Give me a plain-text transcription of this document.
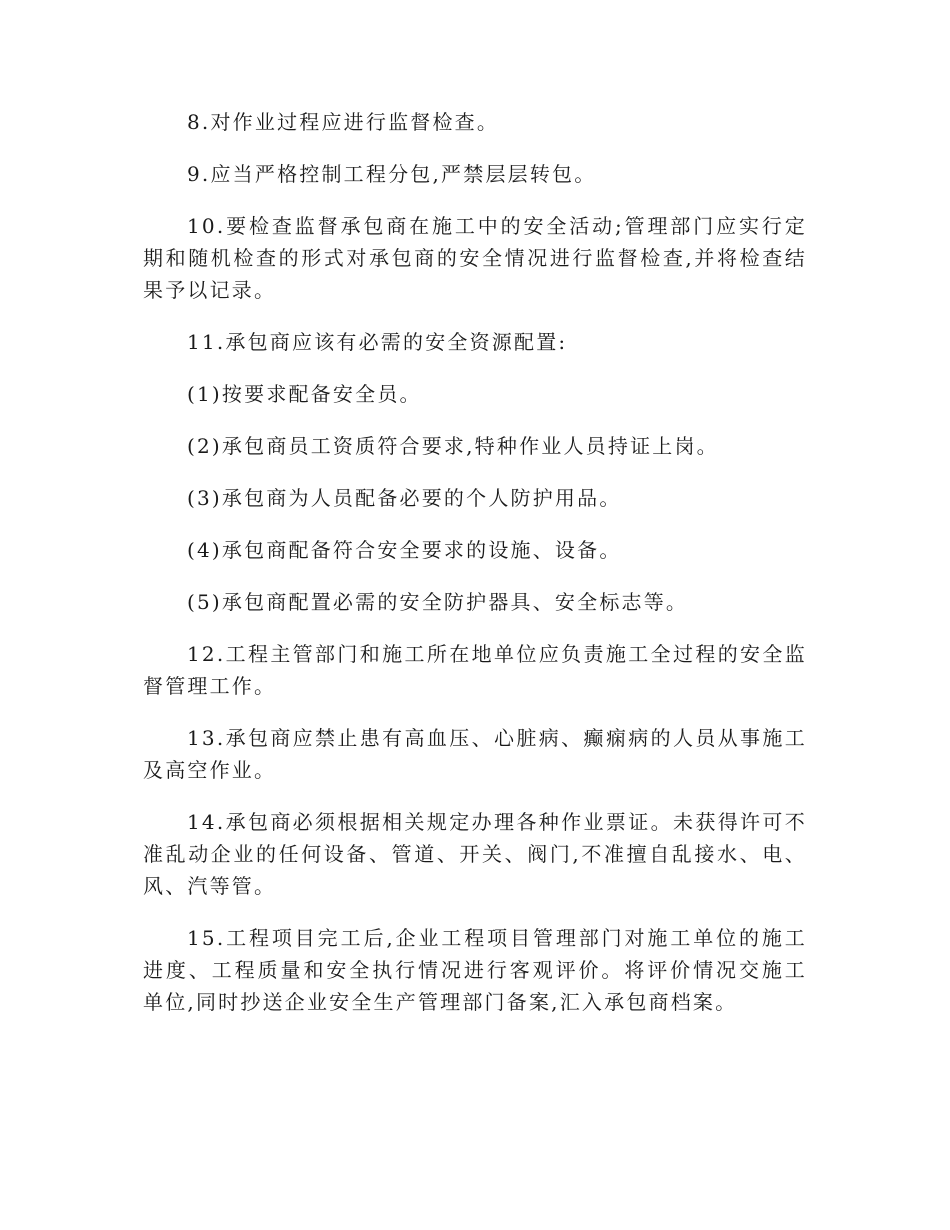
8.对作业过程应进行监督检查。

9.应当严格控制工程分包,严禁层层转包。

10.要检查监督承包商在施工中的安全活动;管理部门应实行定期和随机检查的形式对承包商的安全情况进行监督检查,并将检查结果予以记录。

11.承包商应该有必需的安全资源配置:

(1)按要求配备安全员。

(2)承包商员工资质符合要求,特种作业人员持证上岗。

(3)承包商为人员配备必要的个人防护用品。

(4)承包商配备符合安全要求的设施、设备。

(5)承包商配置必需的安全防护器具、安全标志等。

12.工程主管部门和施工所在地单位应负责施工全过程的安全监督管理工作。

13.承包商应禁止患有高血压、心脏病、癫痫病的人员从事施工及高空作业。

14.承包商必须根据相关规定办理各种作业票证。未获得许可不准乱动企业的任何设备、管道、开关、阀门,不准擅自乱接水、电、风、汽等管。

15.工程项目完工后,企业工程项目管理部门对施工单位的施工进度、工程质量和安全执行情况进行客观评价。将评价情况交施工单位,同时抄送企业安全生产管理部门备案,汇入承包商档案。
